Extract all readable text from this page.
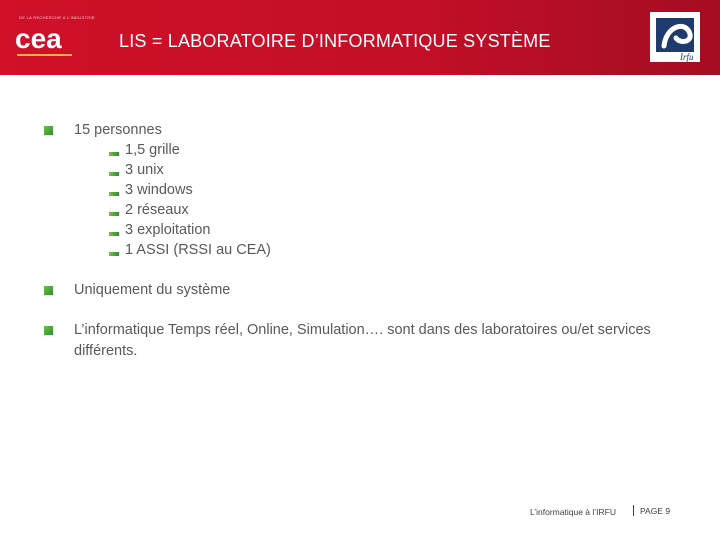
DE LA RECHERCHE À L’INDUSTRIE
cea	LIS = LABORATOIRE D’INFORMATIQUE SYSTÈME
Irfu
15 personnes
1,5 grille
3 unix
3 windows
2 réseaux
3 exploitation
1 ASSI (RSSI au CEA)
Uniquement du système
L’informatique Temps réel, Online, Simulation…. sont dans des laboratoires ou/et services différents.
L’informatique à l’IRFU	PAGE 9
